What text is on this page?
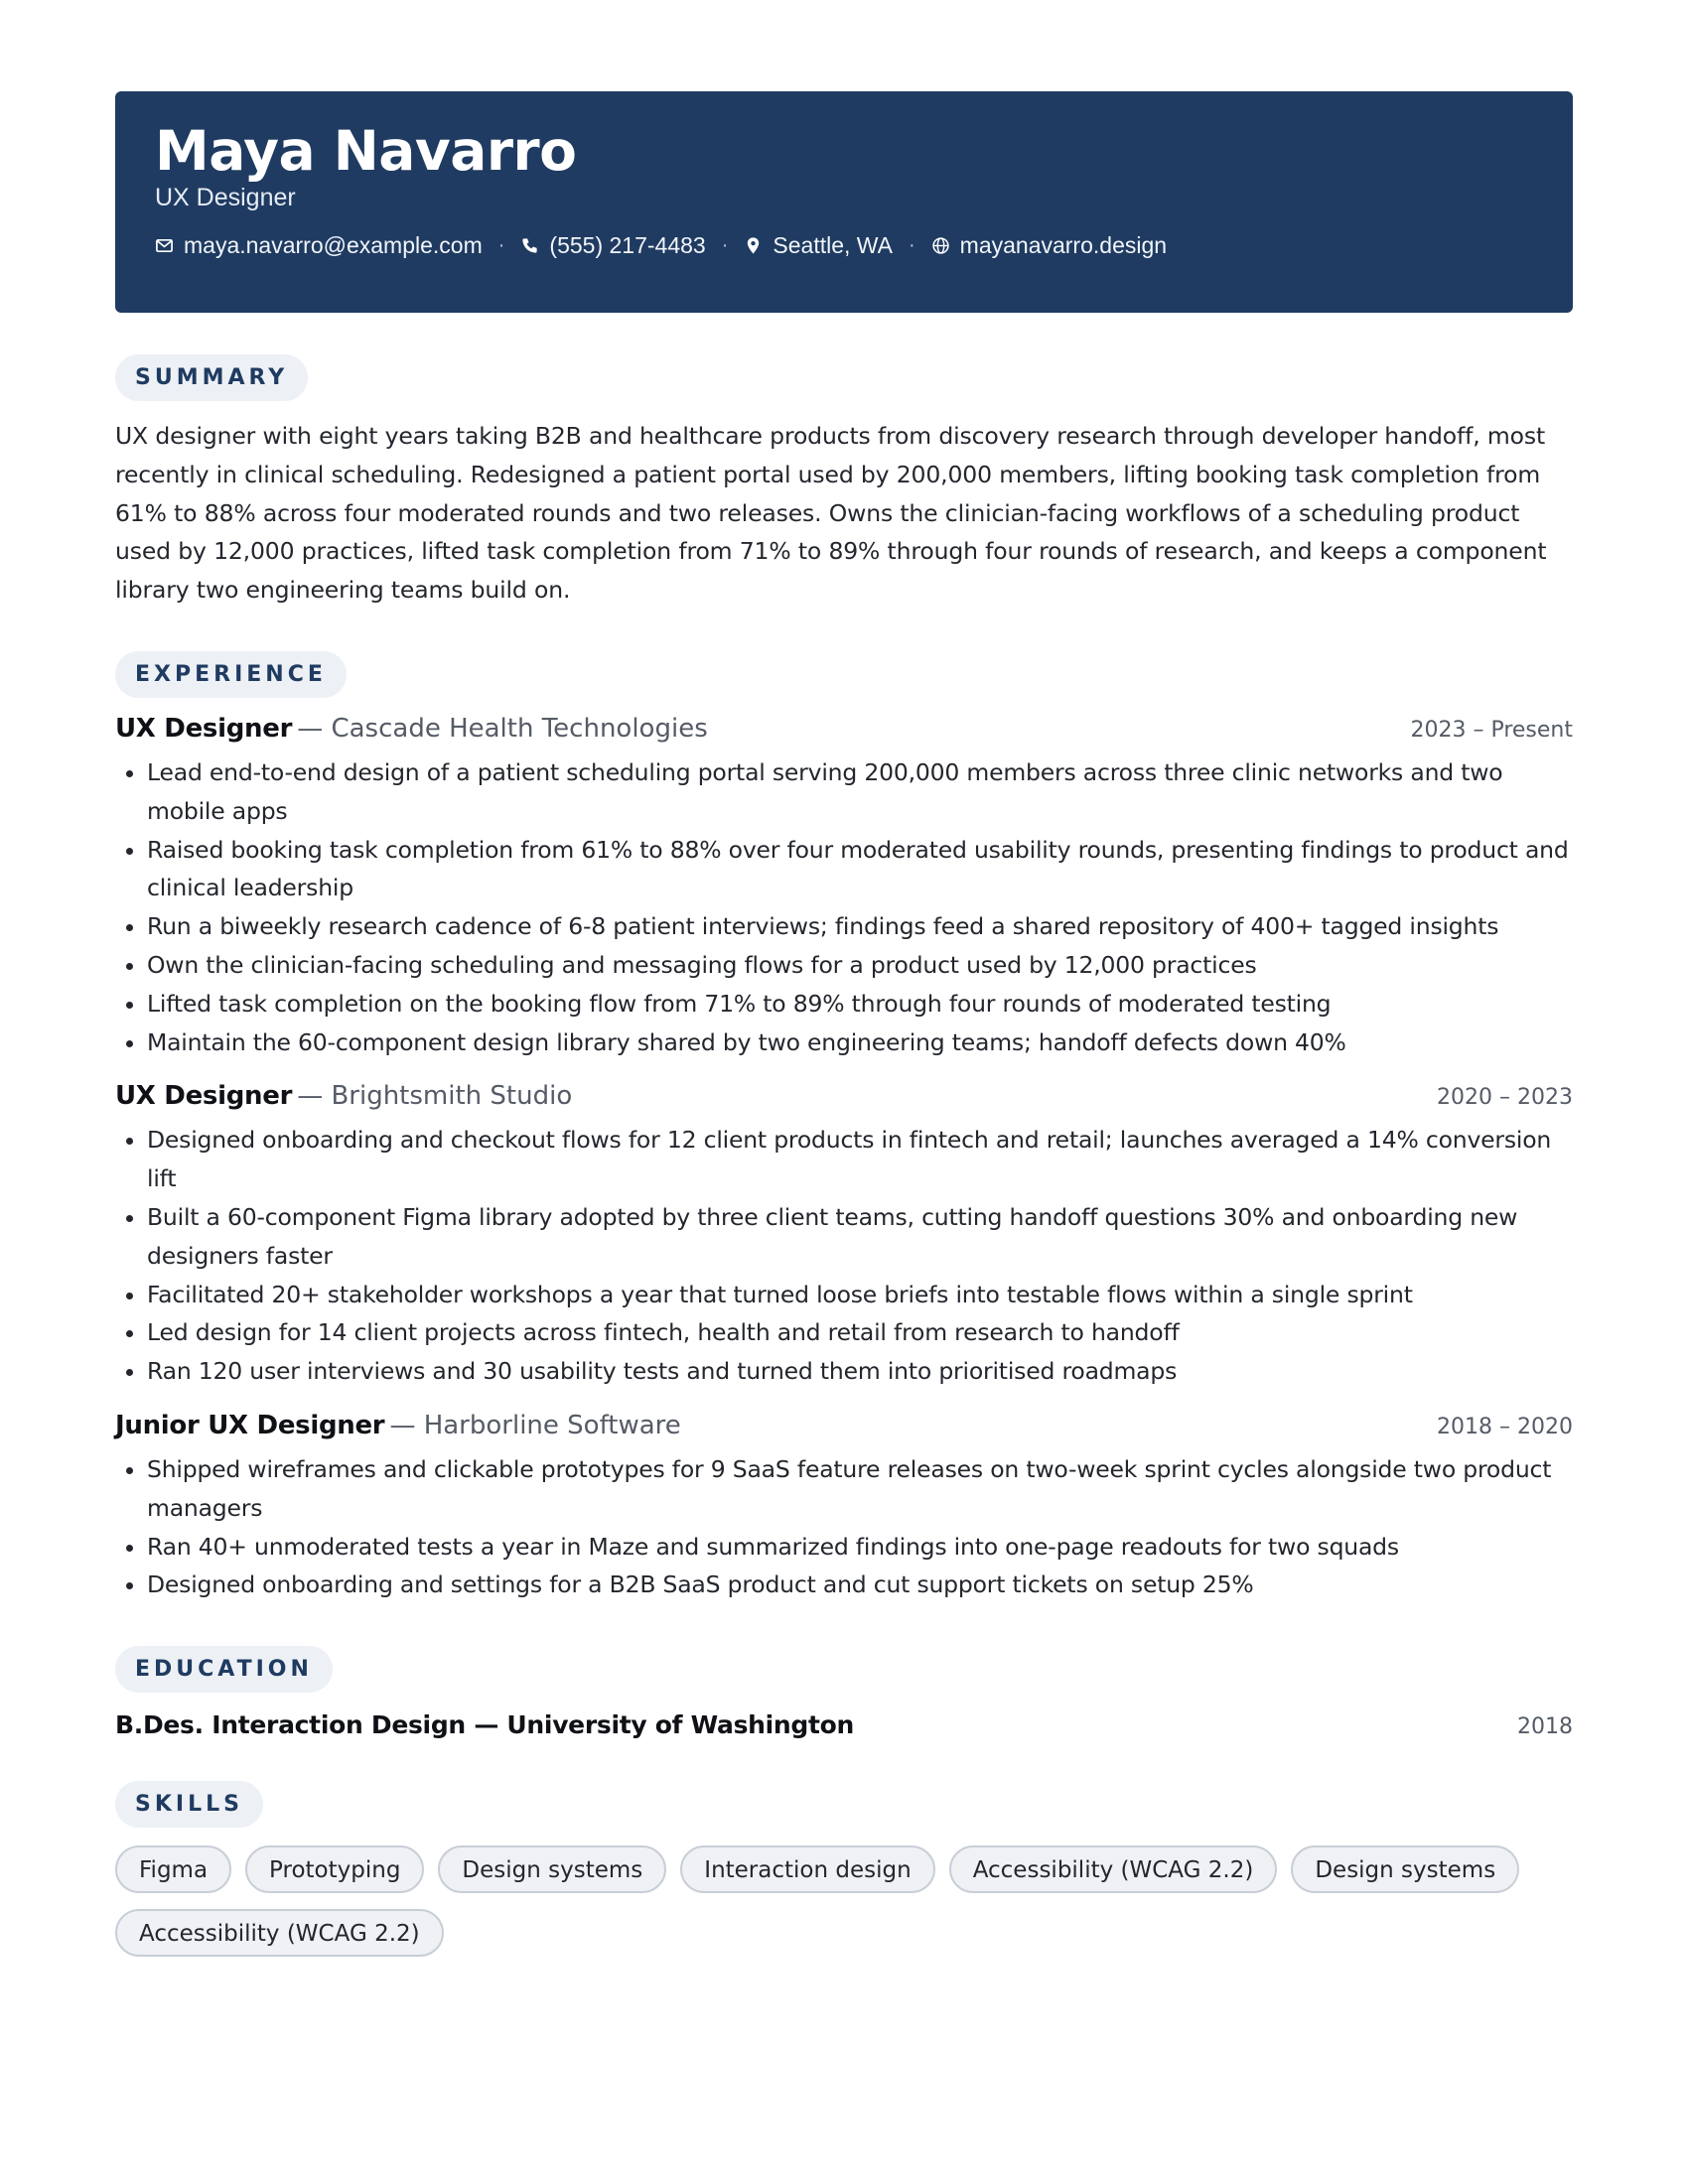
Maya Navarro
UX Designer
maya.navarro@example.com · (555) 217-4483 · Seattle, WA · mayanavarro.design
SUMMARY
UX designer with eight years taking B2B and healthcare products from discovery research through developer handoff, most recently in clinical scheduling. Redesigned a patient portal used by 200,000 members, lifting booking task completion from 61% to 88% across four moderated rounds and two releases. Owns the clinician-facing workflows of a scheduling product used by 12,000 practices, lifted task completion from 71% to 89% through four rounds of research, and keeps a component library two engineering teams build on.
EXPERIENCE
UX Designer — Cascade Health Technologies	2023 – Present
• Lead end-to-end design of a patient scheduling portal serving 200,000 members across three clinic networks and two mobile apps
• Raised booking task completion from 61% to 88% over four moderated usability rounds, presenting findings to product and clinical leadership
• Run a biweekly research cadence of 6-8 patient interviews; findings feed a shared repository of 400+ tagged insights
• Own the clinician-facing scheduling and messaging flows for a product used by 12,000 practices
• Lifted task completion on the booking flow from 71% to 89% through four rounds of moderated testing
• Maintain the 60-component design library shared by two engineering teams; handoff defects down 40%
UX Designer — Brightsmith Studio	2020 – 2023
• Designed onboarding and checkout flows for 12 client products in fintech and retail; launches averaged a 14% conversion lift
• Built a 60-component Figma library adopted by three client teams, cutting handoff questions 30% and onboarding new designers faster
• Facilitated 20+ stakeholder workshops a year that turned loose briefs into testable flows within a single sprint
• Led design for 14 client projects across fintech, health and retail from research to handoff
• Ran 120 user interviews and 30 usability tests and turned them into prioritised roadmaps
Junior UX Designer — Harborline Software	2018 – 2020
• Shipped wireframes and clickable prototypes for 9 SaaS feature releases on two-week sprint cycles alongside two product managers
• Ran 40+ unmoderated tests a year in Maze and summarized findings into one-page readouts for two squads
• Designed onboarding and settings for a B2B SaaS product and cut support tickets on setup 25%
EDUCATION
B.Des. Interaction Design — University of Washington	2018
SKILLS
Figma	Prototyping	Design systems	Interaction design	Accessibility (WCAG 2.2)	Design systems
Accessibility (WCAG 2.2)
